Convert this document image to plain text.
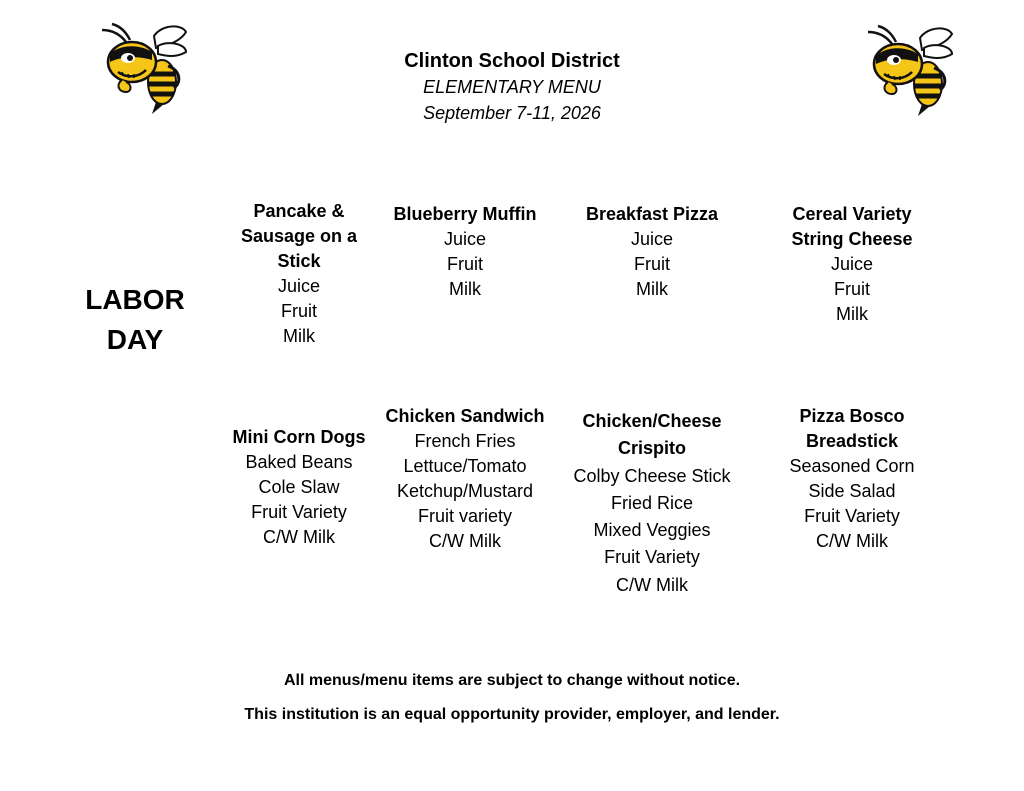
Clinton School District
ELEMENTARY MENU
September 7-11, 2026
LABOR
DAY
Pancake &
Sausage on a
Stick
Juice
Fruit
Milk
Blueberry Muffin
Juice
Fruit
Milk
Breakfast Pizza
Juice
Fruit
Milk
Cereal Variety
String Cheese
Juice
Fruit
Milk
Mini Corn Dogs
Baked Beans
Cole Slaw
Fruit Variety
C/W Milk
Chicken Sandwich
French Fries
Lettuce/Tomato
Ketchup/Mustard
Fruit variety
C/W Milk
Chicken/Cheese
Crispito
Colby Cheese Stick
Fried Rice
Mixed Veggies
Fruit Variety
C/W Milk
Pizza Bosco
Breadstick
Seasoned Corn
Side Salad
Fruit Variety
C/W Milk
All menus/menu items are subject to change without notice.
This institution is an equal opportunity provider, employer, and lender.
